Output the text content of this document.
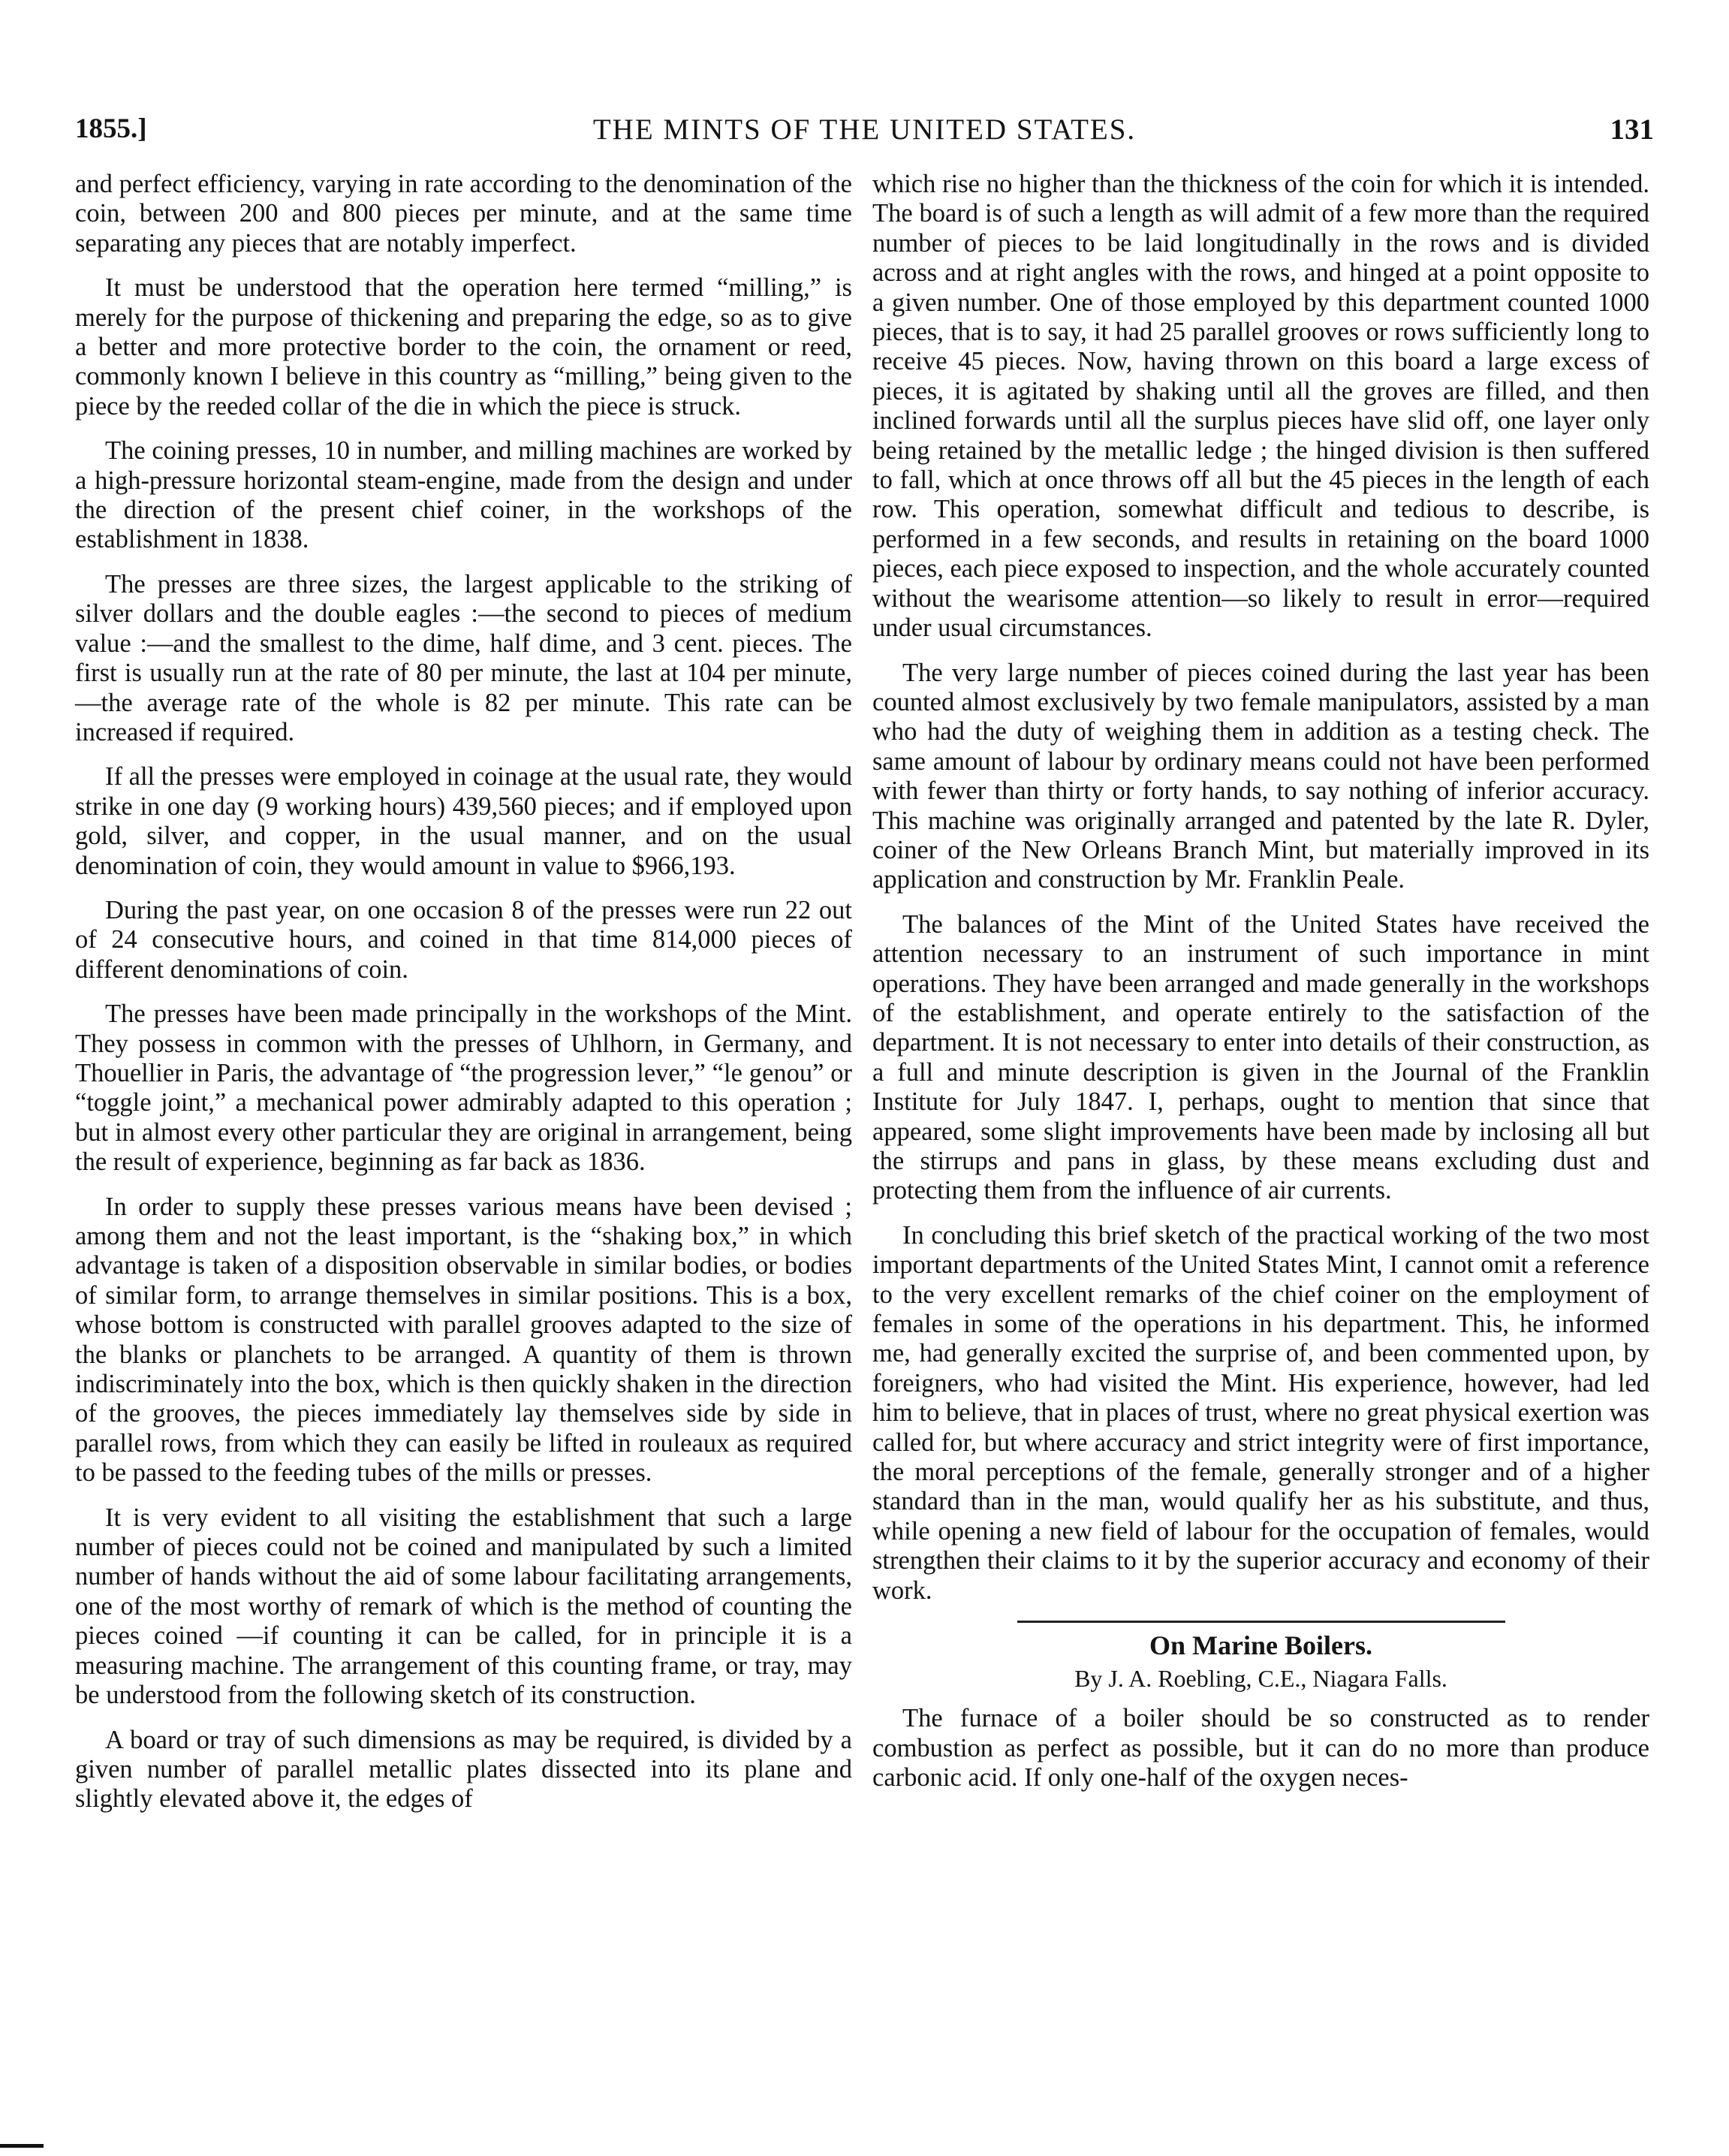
1855.]	THE MINTS OF THE UNITED STATES.	131

and perfect efficiency, varying in rate according to the denomination of the coin, between 200 and 800 pieces per minute, and at the same time separating any pieces that are notably imperfect.

It must be understood that the operation here termed “milling,” is merely for the purpose of thickening and preparing the edge, so as to give a better and more protective border to the coin, the ornament or reed, commonly known I believe in this country as “milling,” being given to the piece by the reeded collar of the die in which the piece is struck.

The coining presses, 10 in number, and milling machines are worked by a high-pressure horizontal steam-engine, made from the design and under the direction of the present chief coiner, in the workshops of the establishment in 1838.

The presses are three sizes, the largest applicable to the striking of silver dollars and the double eagles :—the second to pieces of medium value :—and the smallest to the dime, half dime, and 3 cent. pieces. The first is usually run at the rate of 80 per minute, the last at 104 per minute,—the average rate of the whole is 82 per minute. This rate can be increased if required.

If all the presses were employed in coinage at the usual rate, they would strike in one day (9 working hours) 439,560 pieces; and if employed upon gold, silver, and copper, in the usual manner, and on the usual denomination of coin, they would amount in value to $966,193.

During the past year, on one occasion 8 of the presses were run 22 out of 24 consecutive hours, and coined in that time 814,000 pieces of different denominations of coin.

The presses have been made principally in the workshops of the Mint. They possess in common with the presses of Uhlhorn, in Germany, and Thouellier in Paris, the advantage of “the progression lever,” “le genou” or “toggle joint,” a mechanical power admirably adapted to this operation ; but in almost every other particular they are original in arrangement, being the result of experience, beginning as far back as 1836.

In order to supply these presses various means have been devised ; among them and not the least important, is the “shaking box,” in which advantage is taken of a disposition observable in similar bodies, or bodies of similar form, to arrange themselves in similar positions. This is a box, whose bottom is constructed with parallel grooves adapted to the size of the blanks or planchets to be arranged. A quantity of them is thrown indiscriminately into the box, which is then quickly shaken in the direction of the grooves, the pieces immediately lay themselves side by side in parallel rows, from which they can easily be lifted in rouleaux as required to be passed to the feeding tubes of the mills or presses.

It is very evident to all visiting the establishment that such a large number of pieces could not be coined and manipulated by such a limited number of hands without the aid of some labour facilitating arrangements, one of the most worthy of remark of which is the method of counting the pieces coined —if counting it can be called, for in principle it is a measuring machine. The arrangement of this counting frame, or tray, may be understood from the following sketch of its construction.

A board or tray of such dimensions as may be required, is divided by a given number of parallel metallic plates dissected into its plane and slightly elevated above it, the edges of

which rise no higher than the thickness of the coin for which it is intended. The board is of such a length as will admit of a few more than the required number of pieces to be laid longitudinally in the rows and is divided across and at right angles with the rows, and hinged at a point opposite to a given number. One of those employed by this department counted 1000 pieces, that is to say, it had 25 parallel grooves or rows sufficiently long to receive 45 pieces. Now, having thrown on this board a large excess of pieces, it is agitated by shaking until all the groves are filled, and then inclined forwards until all the surplus pieces have slid off, one layer only being retained by the metallic ledge ; the hinged division is then suffered to fall, which at once throws off all but the 45 pieces in the length of each row. This operation, somewhat difficult and tedious to describe, is performed in a few seconds, and results in retaining on the board 1000 pieces, each piece exposed to inspection, and the whole accurately counted without the wearisome attention—so likely to result in error—required under usual circumstances.

The very large number of pieces coined during the last year has been counted almost exclusively by two female manipulators, assisted by a man who had the duty of weighing them in addition as a testing check. The same amount of labour by ordinary means could not have been performed with fewer than thirty or forty hands, to say nothing of inferior accuracy. This machine was originally arranged and patented by the late R. Dyler, coiner of the New Orleans Branch Mint, but materially improved in its application and construction by Mr. Franklin Peale.

The balances of the Mint of the United States have received the attention necessary to an instrument of such importance in mint operations. They have been arranged and made generally in the workshops of the establishment, and operate entirely to the satisfaction of the department. It is not necessary to enter into details of their construction, as a full and minute description is given in the Journal of the Franklin Institute for July 1847. I, perhaps, ought to mention that since that appeared, some slight improvements have been made by inclosing all but the stirrups and pans in glass, by these means excluding dust and protecting them from the influence of air currents.

In concluding this brief sketch of the practical working of the two most important departments of the United States Mint, I cannot omit a reference to the very excellent remarks of the chief coiner on the employment of females in some of the operations in his department. This, he informed me, had generally excited the surprise of, and been commented upon, by foreigners, who had visited the Mint. His experience, however, had led him to believe, that in places of trust, where no great physical exertion was called for, but where accuracy and strict integrity were of first importance, the moral perceptions of the female, generally stronger and of a higher standard than in the man, would qualify her as his substitute, and thus, while opening a new field of labour for the occupation of females, would strengthen their claims to it by the superior accuracy and economy of their work.

On Marine Boilers.
By J. A. Roebling, C.E., Niagara Falls.

The furnace of a boiler should be so constructed as to render combustion as perfect as possible, but it can do no more than produce carbonic acid. If only one-half of the oxygen neces-
